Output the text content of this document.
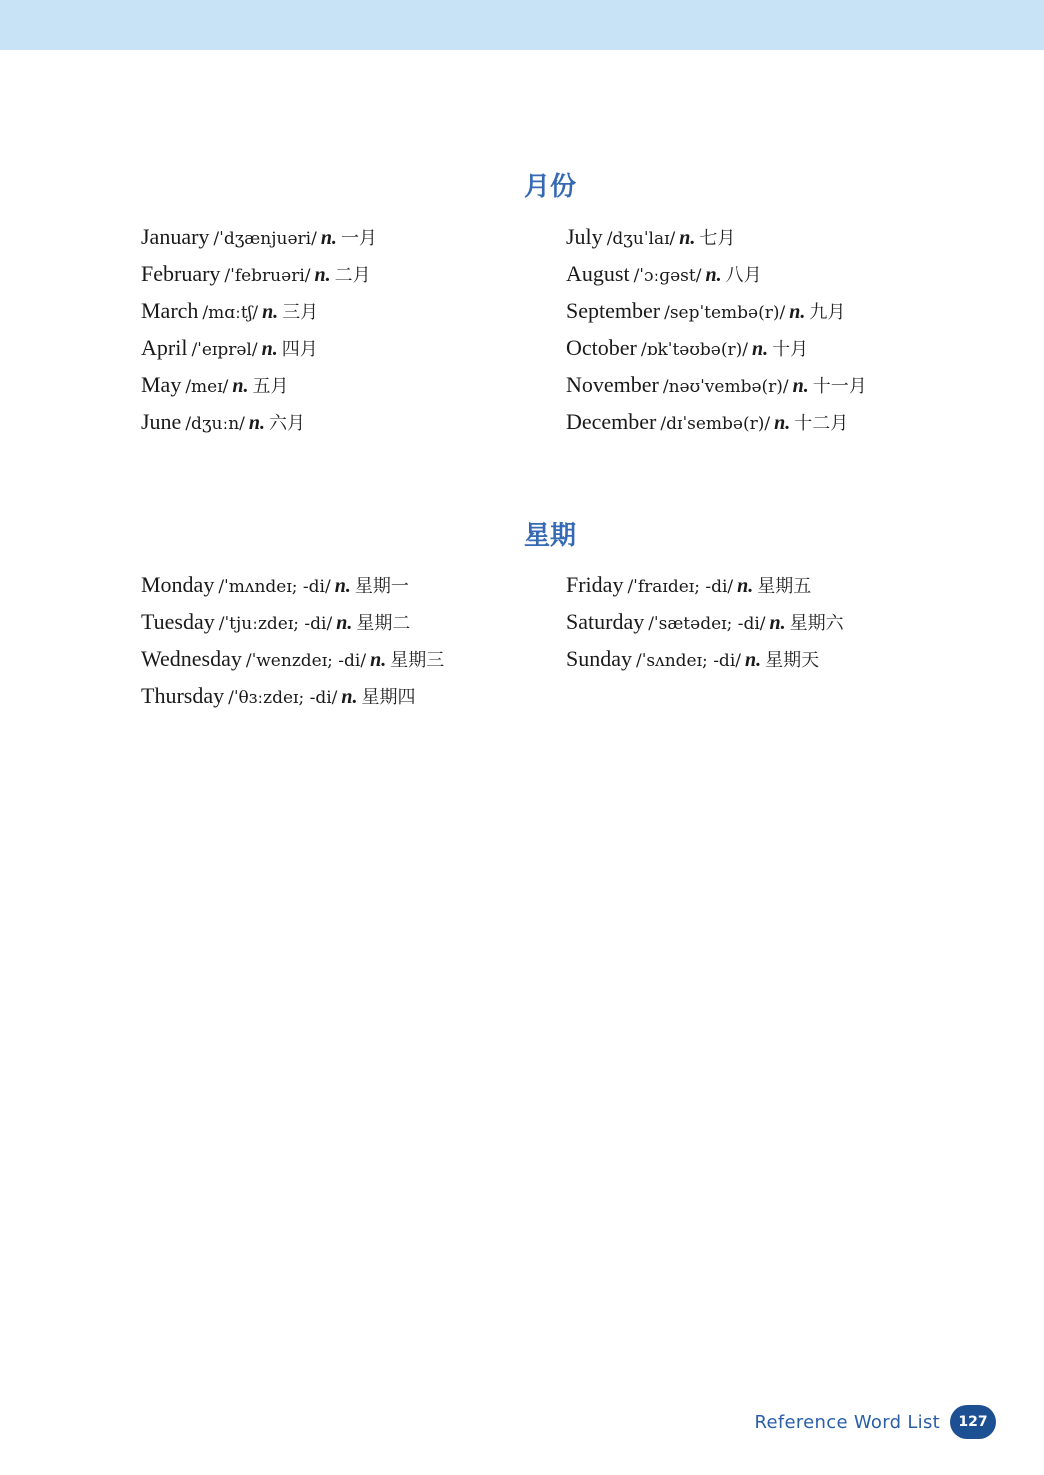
月份
January /ˈdʒænjuəri/ n. 一月
February /ˈfebruəri/ n. 二月
March /mɑːtʃ/ n. 三月
April /ˈeɪprəl/ n. 四月
May /meɪ/ n. 五月
June /dʒuːn/ n. 六月
July /dʒuˈlaɪ/ n. 七月
August /ˈɔːɡəst/ n. 八月
September /sepˈtembə(r)/ n. 九月
October /ɒkˈtəʊbə(r)/ n. 十月
November /nəʊˈvembə(r)/ n. 十一月
December /dɪˈsembə(r)/ n. 十二月
星期
Monday /ˈmʌndeɪ; -di/ n. 星期一
Tuesday /ˈtjuːzdeɪ; -di/ n. 星期二
Wednesday /ˈwenzdeɪ; -di/ n. 星期三
Thursday /ˈθɜːzdeɪ; -di/ n. 星期四
Friday /ˈfraɪdeɪ; -di/ n. 星期五
Saturday /ˈsætədeɪ; -di/ n. 星期六
Sunday /ˈsʌndeɪ; -di/ n. 星期天
Reference Word List	127
